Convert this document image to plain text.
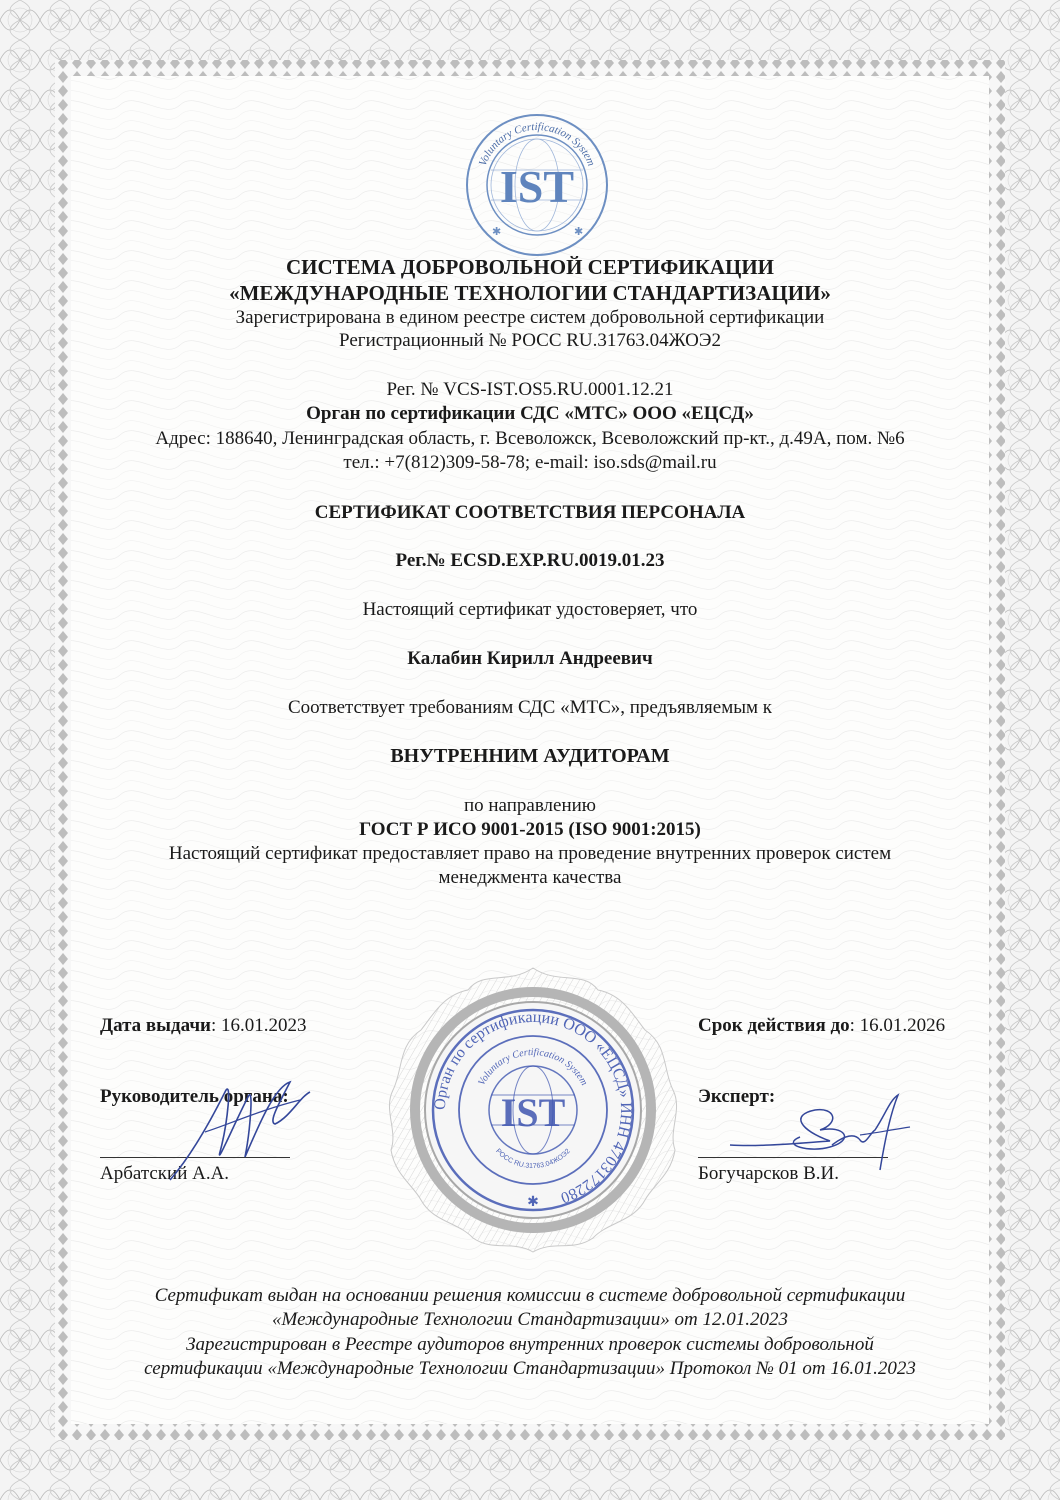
✱	✱
Voluntary Certification System
IST
СИСТЕМА ДОБРОВОЛЬНОЙ СЕРТИФИКАЦИИ
«МЕЖДУНАРОДНЫЕ ТЕХНОЛОГИИ СТАНДАРТИЗАЦИИ»
Зарегистрирована в едином реестре систем добровольной сертификации
Регистрационный № РОСС RU.31763.04ЖОЭ2
Рег. № VCS-IST.OS5.RU.0001.12.21
Орган по сертификации СДС «МТС» ООО «ЕЦСД»
Адрес: 188640, Ленинградская область, г. Всеволожск, Всеволожский пр-кт., д.49А, пом. №6
тел.: +7(812)309-58-78; e-mail: iso.sds@mail.ru
СЕРТИФИКАТ СООТВЕТСТВИЯ ПЕРСОНАЛА
Рег.№ ECSD.EXP.RU.0019.01.23
Настоящий сертификат удостоверяет, что
Калабин Кирилл Андреевич
Соответствует требованиям СДС «МТС», предъявляемым к
ВНУТРЕННИМ АУДИТОРАМ
по направлению
ГОСТ Р ИСО 9001-2015 (ISO 9001:2015)
Настоящий сертификат предоставляет право на проведение внутренних проверок систем
менеджмента качества
Орган по сертификации ООО «ЕЦСД» ИНН 4703172280
Voluntary Certification System
РОСС RU.31763.04ЖОЭ2
IST
✱
Дата выдачи: 16.01.2023	Срок действия до: 16.01.2026
Руководитель органа:
Арбатский А.А.
Эксперт:
Богучарсков В.И.
Сертификат выдан на основании решения комиссии в системе добровольной сертификации
«Международные Технологии Стандартизации» от 12.01.2023
Зарегистрирован в Реестре аудиторов внутренних проверок системы добровольной
сертификации «Международные Технологии Стандартизации» Протокол № 01 от 16.01.2023
